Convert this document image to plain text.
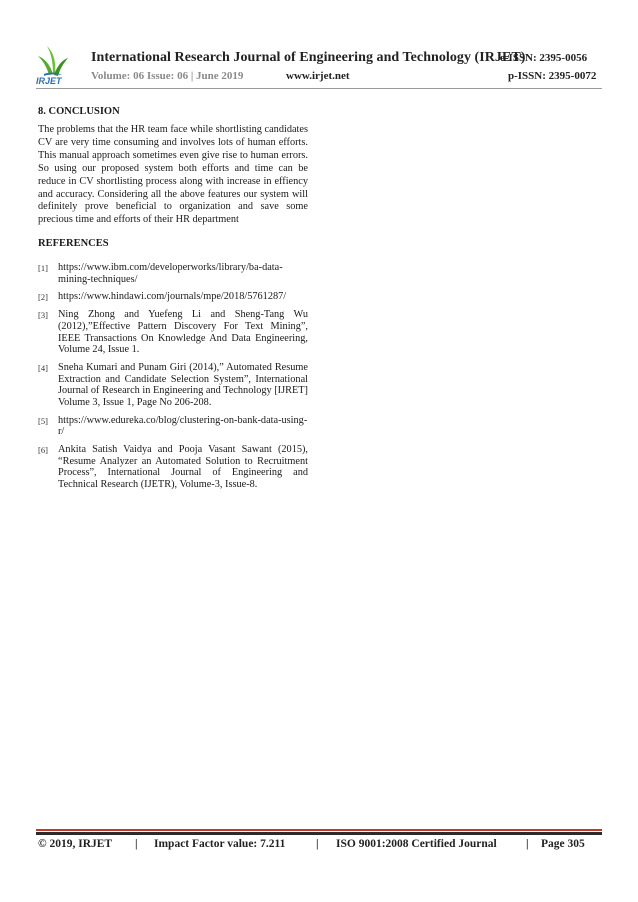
IRJET
International Research Journal of Engineering and Technology (IRJET)
e-ISSN: 2395-0056
Volume: 06 Issue: 06 | June 2019	www.irjet.net	p-ISSN: 2395-0072
8. CONCLUSION
The problems that the HR team face while shortlisting candidates CV are very time consuming and involves lots of human efforts. This manual approach sometimes even give rise to human errors. So using our proposed system both efforts and time can be reduce in CV shortlisting process along with increase in effiency and accuracy. Considering all the above features our system will definitely prove beneficial to organization and save some precious time and efforts of their HR department
REFERENCES
[1] https://www.ibm.com/developerworks/library/ba-data-mining-techniques/
[2] https://www.hindawi.com/journals/mpe/2018/5761287/
[3] Ning Zhong and Yuefeng Li and Sheng-Tang Wu (2012),”Effective Pattern Discovery For Text Mining”, IEEE Transactions On Knowledge And Data Engineering, Volume 24, Issue 1.
[4] Sneha Kumari and Punam Giri (2014),” Automated Resume Extraction and Candidate Selection System”, International Journal of Research in Engineering and Technology [IJRET] Volume 3, Issue 1, Page No 206-208.
[5] https://www.edureka.co/blog/clustering-on-bank-data-using-r/
[6] Ankita Satish Vaidya and Pooja Vasant Sawant (2015), “Resume Analyzer an Automated Solution to Recruitment Process”, International Journal of Engineering and Technical Research (IJETR), Volume-3, Issue-8.
© 2019, IRJET | Impact Factor value: 7.211	| ISO 9001:2008 Certified Journal	| Page 305
